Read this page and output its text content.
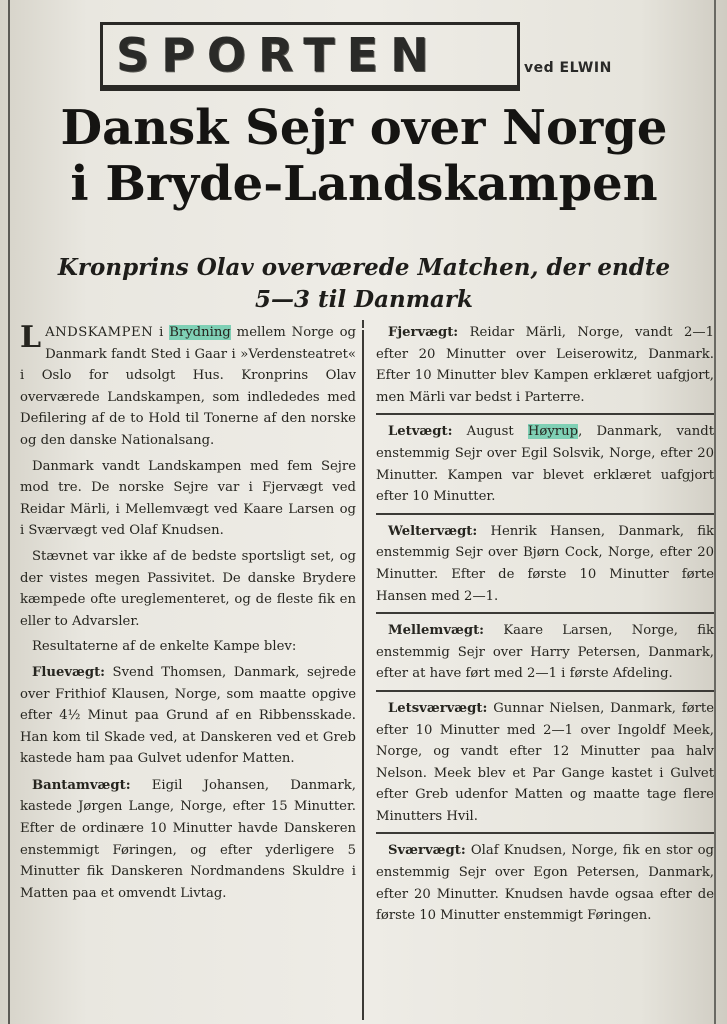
SPORTEN	ved ELWIN
Dansk Sejr over Norge
i Bryde-Landskampen
Kronprins Olav overværede Matchen, der endte
5—3 til Danmark

LANDSKAMPEN i Brydning mellem Norge og Danmark fandt Sted i Gaar i »Verdensteatret« i Oslo for udsolgt Hus. Kronprins Olav overværede Landskampen, som indlededes med Defilering af de to Hold til Tonerne af den norske og den danske Nationalsang.

Danmark vandt Landskampen med fem Sejre mod tre. De norske Sejre var i Fjervægt ved Reidar Märli, i Mellemvægt ved Kaare Larsen og i Sværvægt ved Olaf Knudsen.

Stævnet var ikke af de bedste sportsligt set, og der vistes megen Passivitet. De danske Brydere kæmpede ofte ureglementeret, og de fleste fik en eller to Advarsler.

Resultaterne af de enkelte Kampe blev:

Fluevægt: Svend Thomsen, Danmark, sejrede over Frithiof Klausen, Norge, som maatte opgive efter 4½ Minut paa Grund af en Ribbensskade. Han kom til Skade ved, at Danskeren ved et Greb kastede ham paa Gulvet udenfor Matten.

Bantamvægt: Eigil Johansen, Danmark, kastede Jørgen Lange, Norge, efter 15 Minutter. Efter de ordinære 10 Minutter havde Danskeren enstemmigt Føringen, og efter yderligere 5 Minutter fik Danskeren Nordmandens Skuldre i Matten paa et omvendt Livtag.

Fjervægt: Reidar Märli, Norge, vandt 2—1 efter 20 Minutter over Leiserowitz, Danmark. Efter 10 Minutter blev Kampen erklæret uafgjort, men Märli var bedst i Parterre.

Letvægt: August Høyrup, Danmark, vandt enstemmig Sejr over Egil Solsvik, Norge, efter 20 Minutter. Kampen var blevet erklæret uafgjort efter 10 Minutter.

Weltervægt: Henrik Hansen, Danmark, fik enstemmig Sejr over Bjørn Cock, Norge, efter 20 Minutter. Efter de første 10 Minutter førte Hansen med 2—1.

Mellemvægt: Kaare Larsen, Norge, fik enstemmig Sejr over Harry Petersen, Danmark, efter at have ført med 2—1 i første Afdeling.

Letsværvægt: Gunnar Nielsen, Danmark, førte efter 10 Minutter med 2—1 over Ingoldf Meek, Norge, og vandt efter 12 Minutter paa halv Nelson. Meek blev et Par Gange kastet i Gulvet efter Greb udenfor Matten og maatte tage flere Minutters Hvil.

Sværvægt: Olaf Knudsen, Norge, fik en stor og enstemmig Sejr over Egon Petersen, Danmark, efter 20 Minutter. Knudsen havde ogsaa efter de første 10 Minutter enstemmigt Føringen.
